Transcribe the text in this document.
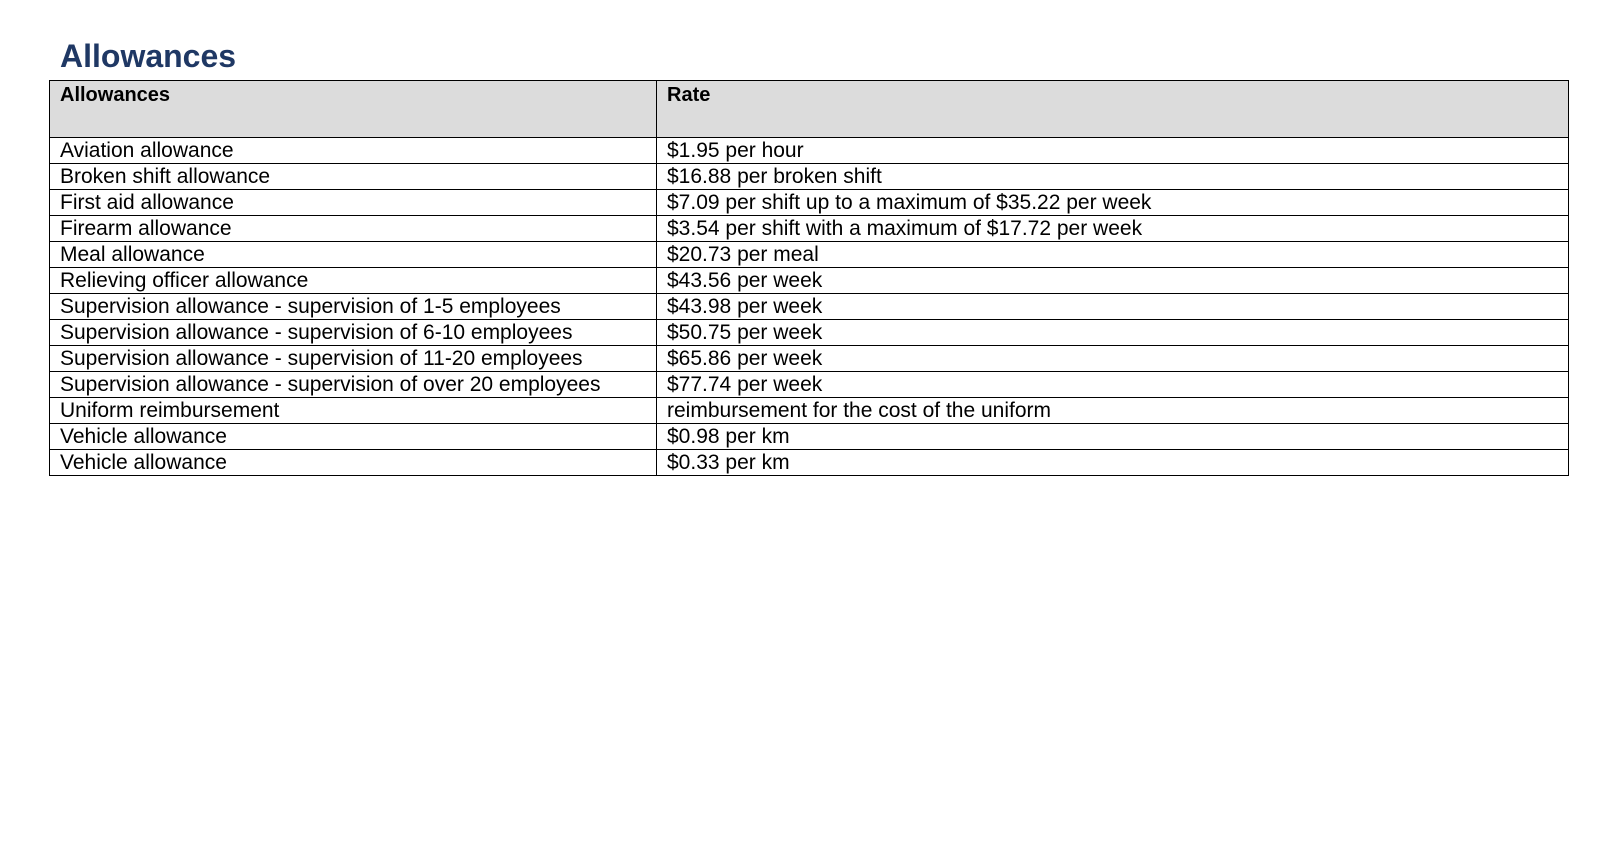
Allowances
Allowances	Rate
Aviation allowance	$1.95 per hour
Broken shift allowance	$16.88 per broken shift
First aid allowance	$7.09 per shift up to a maximum of $35.22 per week
Firearm allowance	$3.54 per shift with a maximum of $17.72 per week
Meal allowance	$20.73 per meal
Relieving officer allowance	$43.56 per week
Supervision allowance - supervision of 1-5 employees	$43.98 per week
Supervision allowance - supervision of 6-10 employees	$50.75 per week
Supervision allowance - supervision of 11-20 employees	$65.86 per week
Supervision allowance - supervision of over 20 employees	$77.74 per week
Uniform reimbursement	reimbursement for the cost of the uniform
Vehicle allowance	$0.98 per km
Vehicle allowance	$0.33 per km
